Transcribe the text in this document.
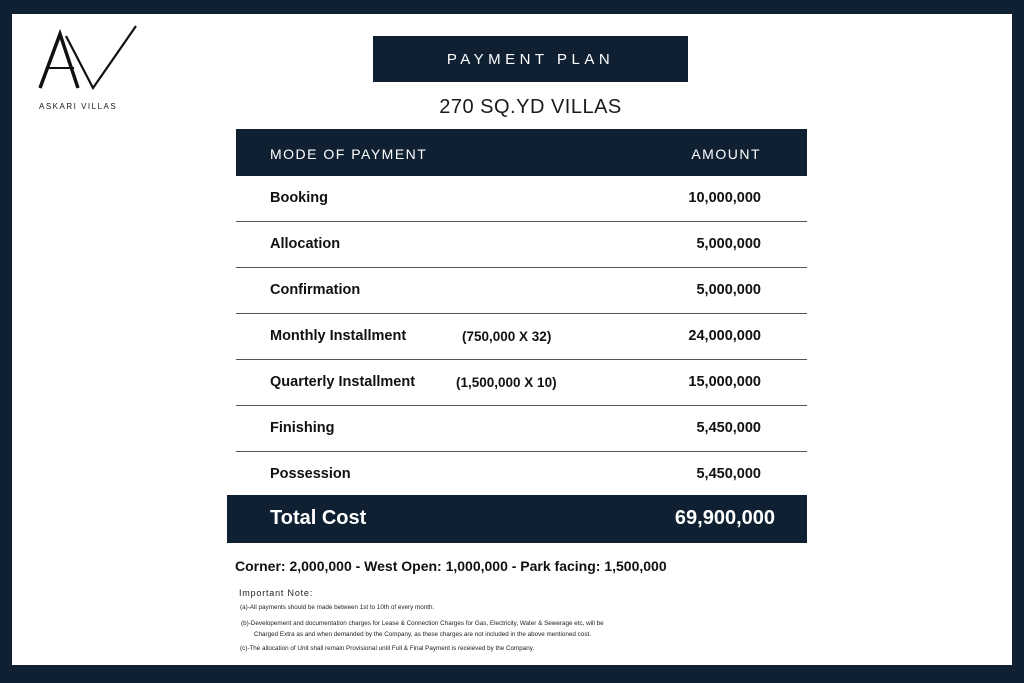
ASKARI VILLAS
PAYMENT PLAN
270 SQ.YD VILLAS
MODE OF PAYMENT	AMOUNT
Booking	10,000,000
Allocation	5,000,000
Confirmation	5,000,000
Monthly Installment	(750,000 X 32)	24,000,000
Quarterly Installment	(1,500,000 X 10)	15,000,000
Finishing	5,450,000
Possession	5,450,000
Total Cost	69,900,000
Corner: 2,000,000 - West Open: 1,000,000 - Park facing: 1,500,000
Important Note:
(a)-All payments should be made between 1st to 10th of every month.
(b)-Developement and documentation charges for Lease & Connection Charges for Gas, Electricity, Water & Sewerage etc, will be
Charged Extra as and when demanded by the Company, as these charges are not included in the above mentioned cost.
(c)-The allocation of Unit shall remain Provisional until Full & Final Payment is receieved by the Company.
